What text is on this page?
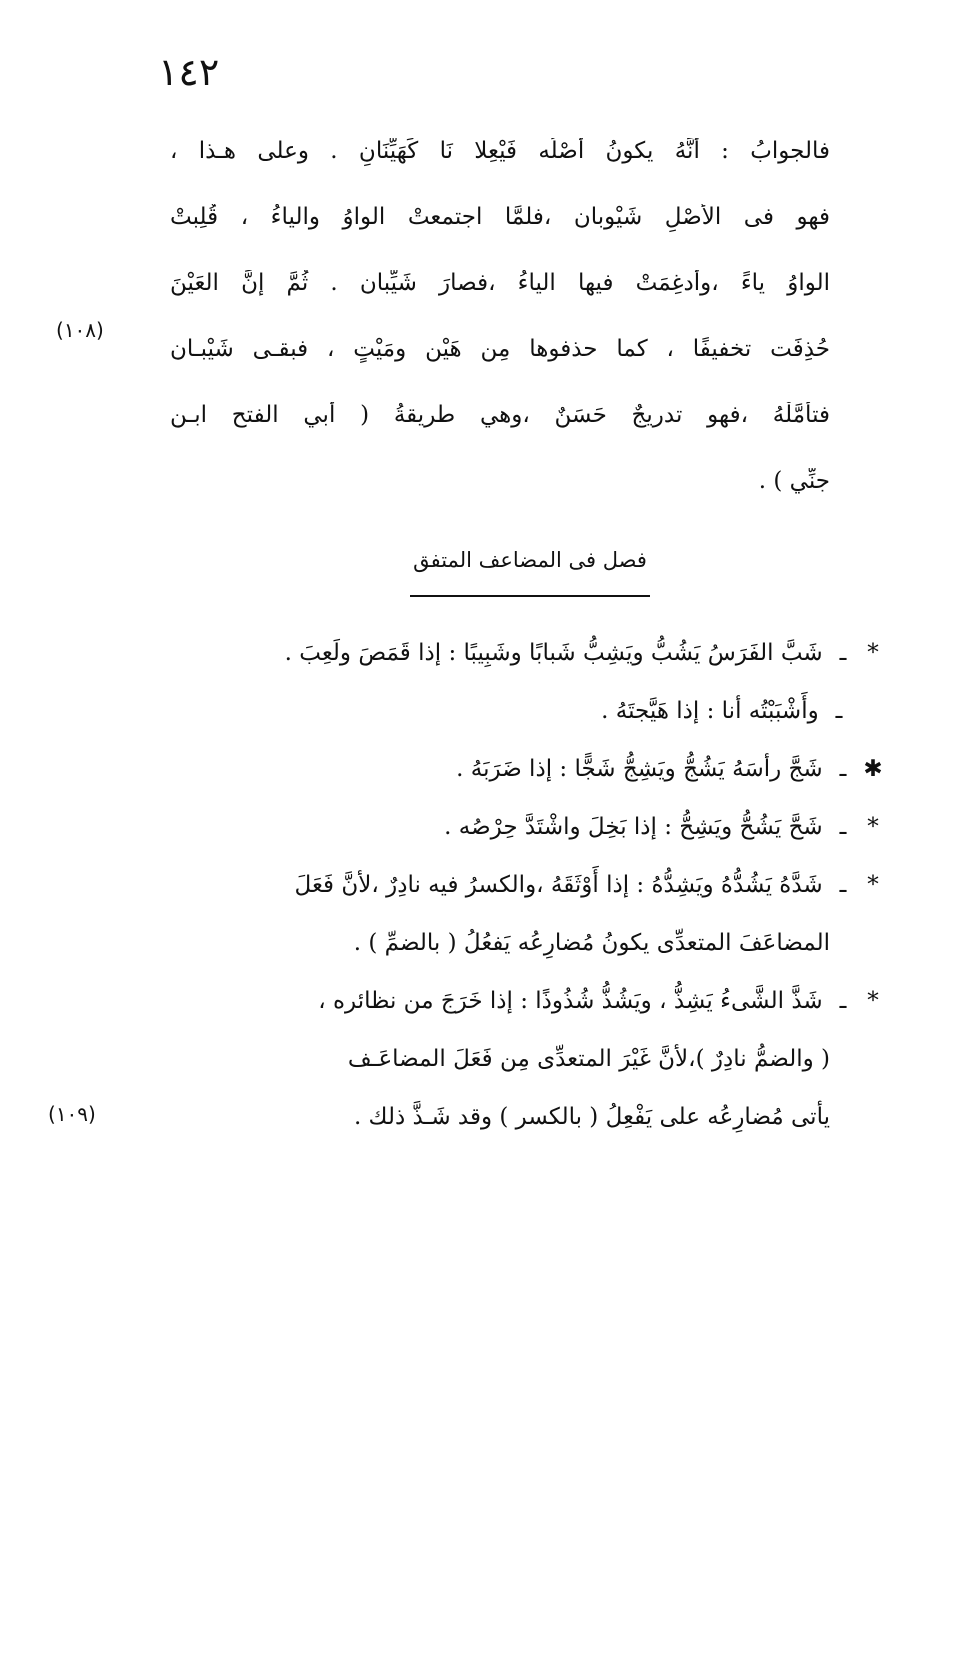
١٤٢
فالجوابُ : أنَّهُ يكونُ أَصْلُه فَيْعِلا نَا كَهَيِّنَانِ . وعلى هـذا ،
فهو فى الأَصْلِ شَيْوبان ،فلمَّا اجتمعتْ الواوُ والياءُ ، قُلِبتْ
الواوُ ياءً ،وأُدغِمَتْ فيها الياءُ ،فصارَ شَيِّبان . ثُمَّ إنَّ العَيْنَ
حُذِفَت تخفيفًا ، كما حذفوها مِن هَيْن ومَيْتٍ ، فبقـى شَيْبـان
فتأمَّلْهُ ،فهو تدريجٌ حَسَنٌ ،وهي طريقةُ ( أبي الفتح ابـن
جنِّي ) .
(١٠٨)
فصل فى المضاعف المتفق
*ـ شَبَّ الفَرَسُ يَشُبُّ ويَشِبُّ شَبابًا وشَبِيبًا : إذا قَمَصَ ولَعِبَ .
ـ وأَشْبَبْتُه أنا : إذا هَيَّجتَهُ .
✱ـ شَجَّ رأسَهُ يَشُجُّ ويَشِجُّ شَجًّا : إذا ضَرَبَهُ .
*ـ شَحَّ يَشُحُّ ويَشِحُّ : إذا بَخِلَ واشْتَدَّ حِرْصُه .
*ـ شَدَّهُ يَشُدُّهُ ويَشِدُّهُ : إذا أَوْثَقَهُ ،والكسرُ فيه نادِرٌ ،لأنَّ فَعَلَ
المضاعَفَ المتعدِّى يكونُ مُضارِعُه يَفعُلُ ( بالضمِّ ) .
*ـ شَذَّ الشَّىءُ يَشِذُّ ، ويَشُذُّ شُذُوذًا : إذا خَرَجَ من نظائره ،
( والضمُّ نادِرٌ )،لأنَّ غَيْرَ المتعدِّى مِن فَعَلَ المضاعَـف
يأتى مُضارِعُه على يَفْعِلُ ( بالكسر ) وقد شَـذَّ ذلك .
(١٠٩)
